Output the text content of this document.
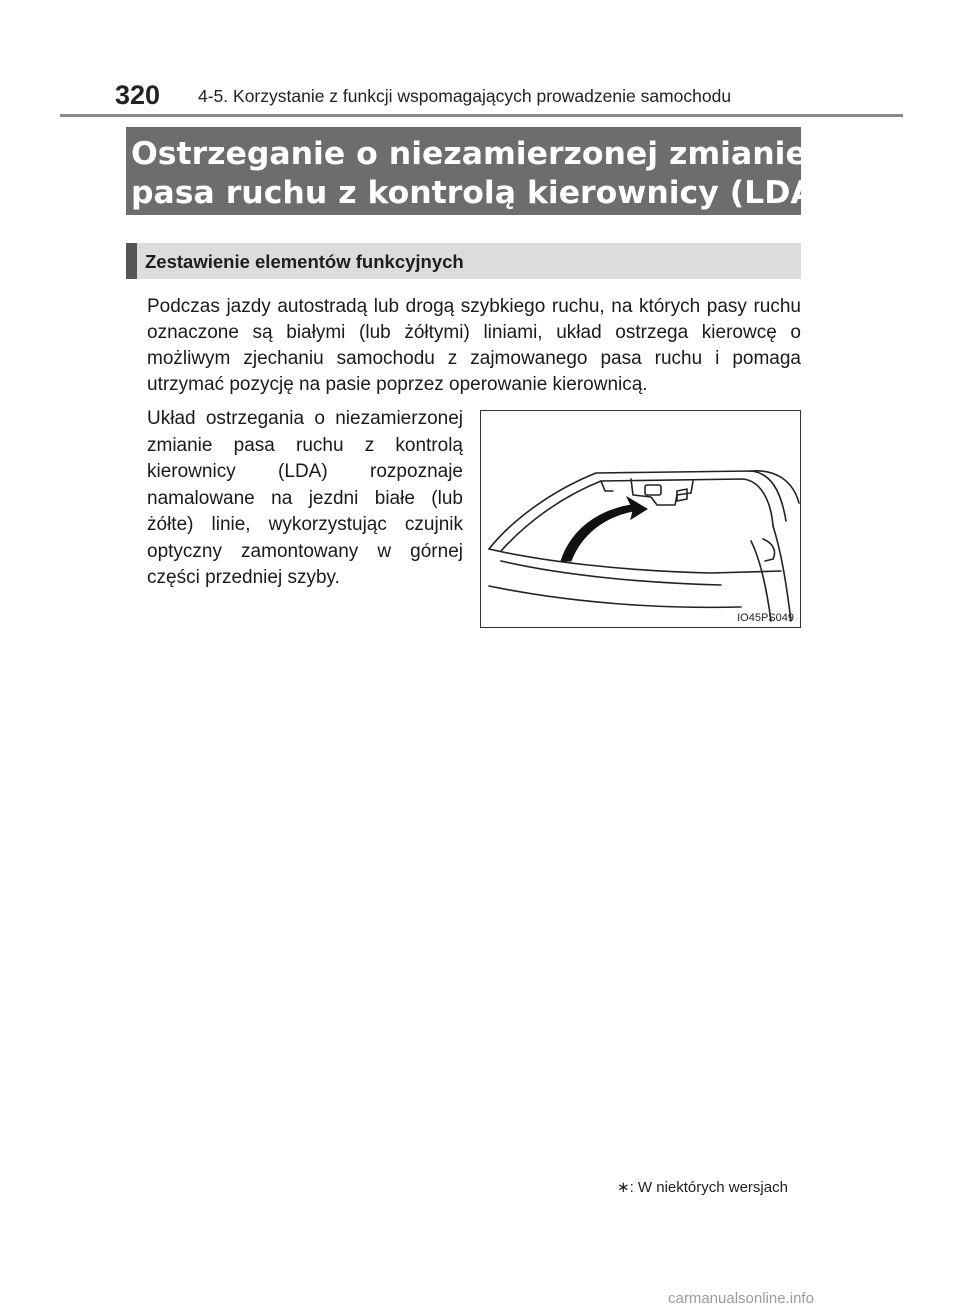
320 4-5. Korzystanie z funkcji wspomagających prowadzenie samochodu
Ostrzeganie o niezamierzonej zmianie
pasa ruchu z kontrolą kierownicy (LDA)*
Zestawienie elementów funkcyjnych

Podczas jazdy autostradą lub drogą szybkiego ruchu, na których pasy ruchu oznaczone są białymi (lub żółtymi) liniami, układ ostrzega kierowcę o możliwym zjechaniu samochodu z zajmowanego pasa ruchu i pomaga utrzymać pozycję na pasie poprzez operowanie kierownicą.

Układ ostrzegania o niezamierzonej zmianie pasa ruchu z kontrolą kierownicy (LDA) rozpoznaje namalowane na jezdni białe (lub żółte) linie, wykorzystując czujnik optyczny zamontowany w górnej części przedniej szyby.

IO45PS049
∗: W niektórych wersjach
carmanualsonline.info
